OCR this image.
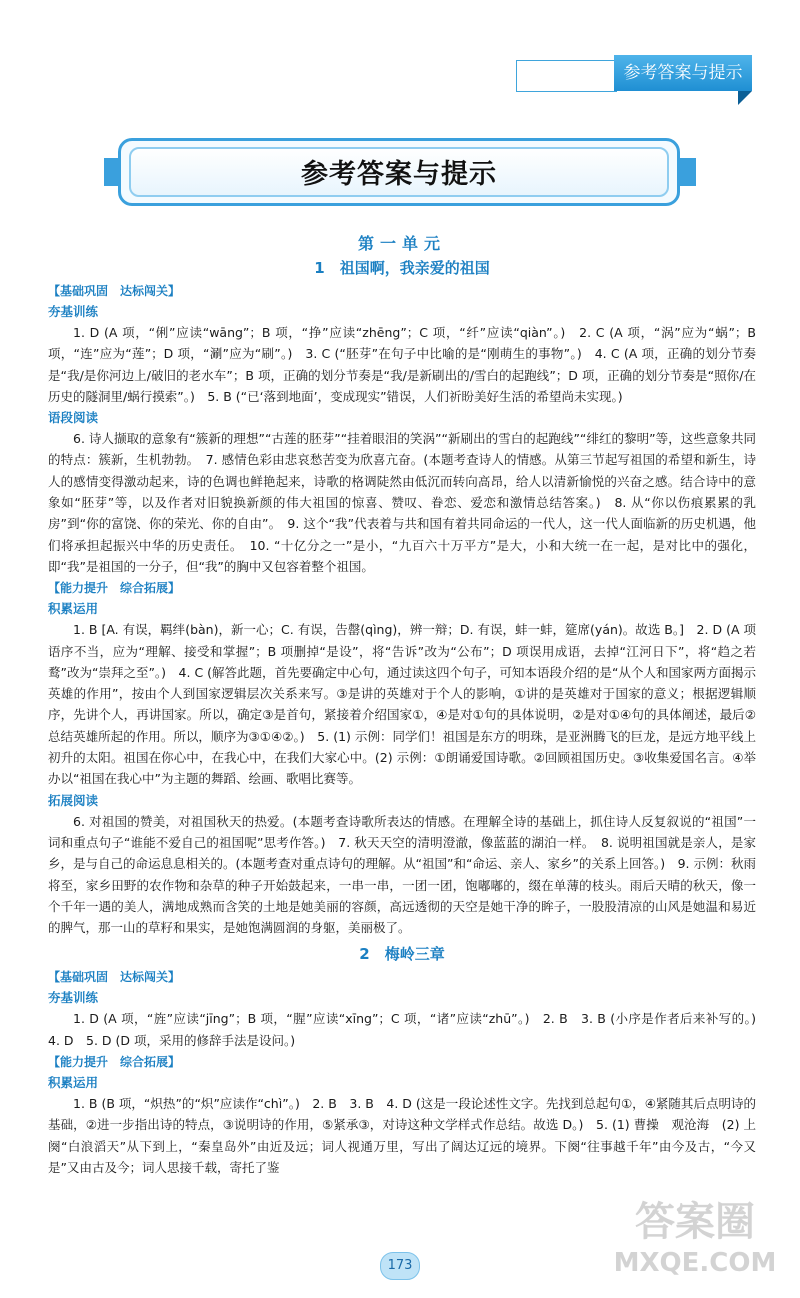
参考答案与提示
参考答案与提示
第一单元
1　祖国啊，我亲爱的祖国
【基础巩固　达标闯关】
夯基训练

1. D (A 项，“俐”应读“wāng”；B 项，“挣”应读“zhēng”；C 项，“纤”应读“qiàn”。)　2. C (A 项，“涡”应为“蜗”；B 项，“连”应为“莲”；D 项，“涮”应为“刷”。)　3. C (“胚芽”在句子中比喻的是“刚萌生的事物”。)　4. C (A 项，正确的划分节奏是“我/是你河边上/破旧的老水车”；B 项，正确的划分节奏是“我/是新刷出的/雪白的起跑线”；D 项，正确的划分节奏是“照你/在历史的隧洞里/蜗行摸索”。)　5. B (“已‘落到地面’，变成现实”错误，人们祈盼美好生活的希望尚未实现。)

语段阅读

6. 诗人撷取的意象有“簇新的理想”“古莲的胚芽”“挂着眼泪的笑涡”“新刷出的雪白的起跑线”“绯红的黎明”等，这些意象共同的特点：簇新，生机勃勃。　7. 感情色彩由悲哀愁苦变为欣喜亢奋。(本题考查诗人的情感。从第三节起写祖国的希望和新生，诗人的感情变得激动起来，诗的色调也鲜艳起来，诗歌的格调陡然由低沉而转向高昂，给人以清新愉悦的兴奋之感。结合诗中的意象如“胚芽”等，以及作者对旧貌换新颜的伟大祖国的惊喜、赞叹、眷恋、爱恋和激情总结答案。)　8. 从“你以伤痕累累的乳房”到“你的富饶、你的荣光、你的自由”。　9. 这个“我”代表着与共和国有着共同命运的一代人，这一代人面临新的历史机遇，他们将承担起振兴中华的历史责任。　10. “十亿分之一”是小，“九百六十万平方”是大，小和大统一在一起，是对比中的强化，即“我”是祖国的一分子，但“我”的胸中又包容着整个祖国。

【能力提升　综合拓展】
积累运用

1. B [A. 有误，羁绊(bàn)，新一心；C. 有误，告罄(qìng)，辨一辩；D. 有误，蚌一蚌，筵席(yán)。故选 B。]　2. D (A 项语序不当，应为“理解、接受和掌握”；B 项删掉“是设”，将“告诉”改为“公布”；D 项误用成语，去掉“江河日下”，将“趋之若鹜”改为“崇拜之至”。)　4. C (解答此题，首先要确定中心句，通过读这四个句子，可知本语段介绍的是“从个人和国家两方面揭示英雄的作用”，按由个人到国家逻辑层次关系来写。③是讲的英雄对于个人的影响，①讲的是英雄对于国家的意义；根据逻辑顺序，先讲个人，再讲国家。所以，确定③是首句，紧接着介绍国家①，④是对①句的具体说明，②是对①④句的具体阐述，最后②总结英雄所起的作用。所以，顺序为③①④②。)　5. (1) 示例：同学们！祖国是东方的明珠，是亚洲腾飞的巨龙，是远方地平线上初升的太阳。祖国在你心中，在我心中，在我们大家心中。(2) 示例：①朗诵爱国诗歌。②回顾祖国历史。③收集爱国名言。④举办以“祖国在我心中”为主题的舞蹈、绘画、歌唱比赛等。

拓展阅读

6. 对祖国的赞美，对祖国秋天的热爱。(本题考查诗歌所表达的情感。在理解全诗的基础上，抓住诗人反复叙说的“祖国”一词和重点句子“谁能不爱自己的祖国呢”思考作答。)　7. 秋天天空的清明澄澈，像蓝蓝的湖泊一样。　8. 说明祖国就是亲人，是家乡，是与自己的命运息息相关的。(本题考查对重点诗句的理解。从“祖国”和“命运、亲人、家乡”的关系上回答。)　9. 示例：秋雨将至，家乡田野的农作物和杂草的种子开始鼓起来，一串一串，一团一团，饱嘟嘟的，缀在单薄的枝头。雨后天晴的秋天，像一个千年一遇的美人，满地成熟而含笑的土地是她美丽的容颜，高远透彻的天空是她干净的眸子，一股股清凉的山风是她温和易近的脾气，那一山的草籽和果实，是她饱满圆润的身躯，美丽极了。

2　梅岭三章
【基础巩固　达标闯关】
夯基训练

1. D (A 项，“旌”应读“jīng”；B 项，“腥”应读“xīng”；C 项，“诸”应读“zhū”。)　2. B　3. B (小序是作者后来补写的。)　4. D　5. D (D 项，采用的修辞手法是设问。)

【能力提升　综合拓展】
积累运用

1. B (B 项，“炽热”的“炽”应读作“chì”。)　2. B　3. B　4. D (这是一段论述性文字。先找到总起句①，④紧随其后点明诗的基础，②进一步指出诗的特点，③说明诗的作用，⑤紧承③，对诗这种文学样式作总结。故选 D。)　5. (1) 曹操　观沧海　(2) 上阕“白浪滔天”从下到上，“秦皇岛外”由近及远；词人视通万里，写出了阔达辽远的境界。下阕“往事越千年”由今及古，“今又是”又由古及今；词人思接千载，寄托了鉴

173
答案圈
MXQE.COM
